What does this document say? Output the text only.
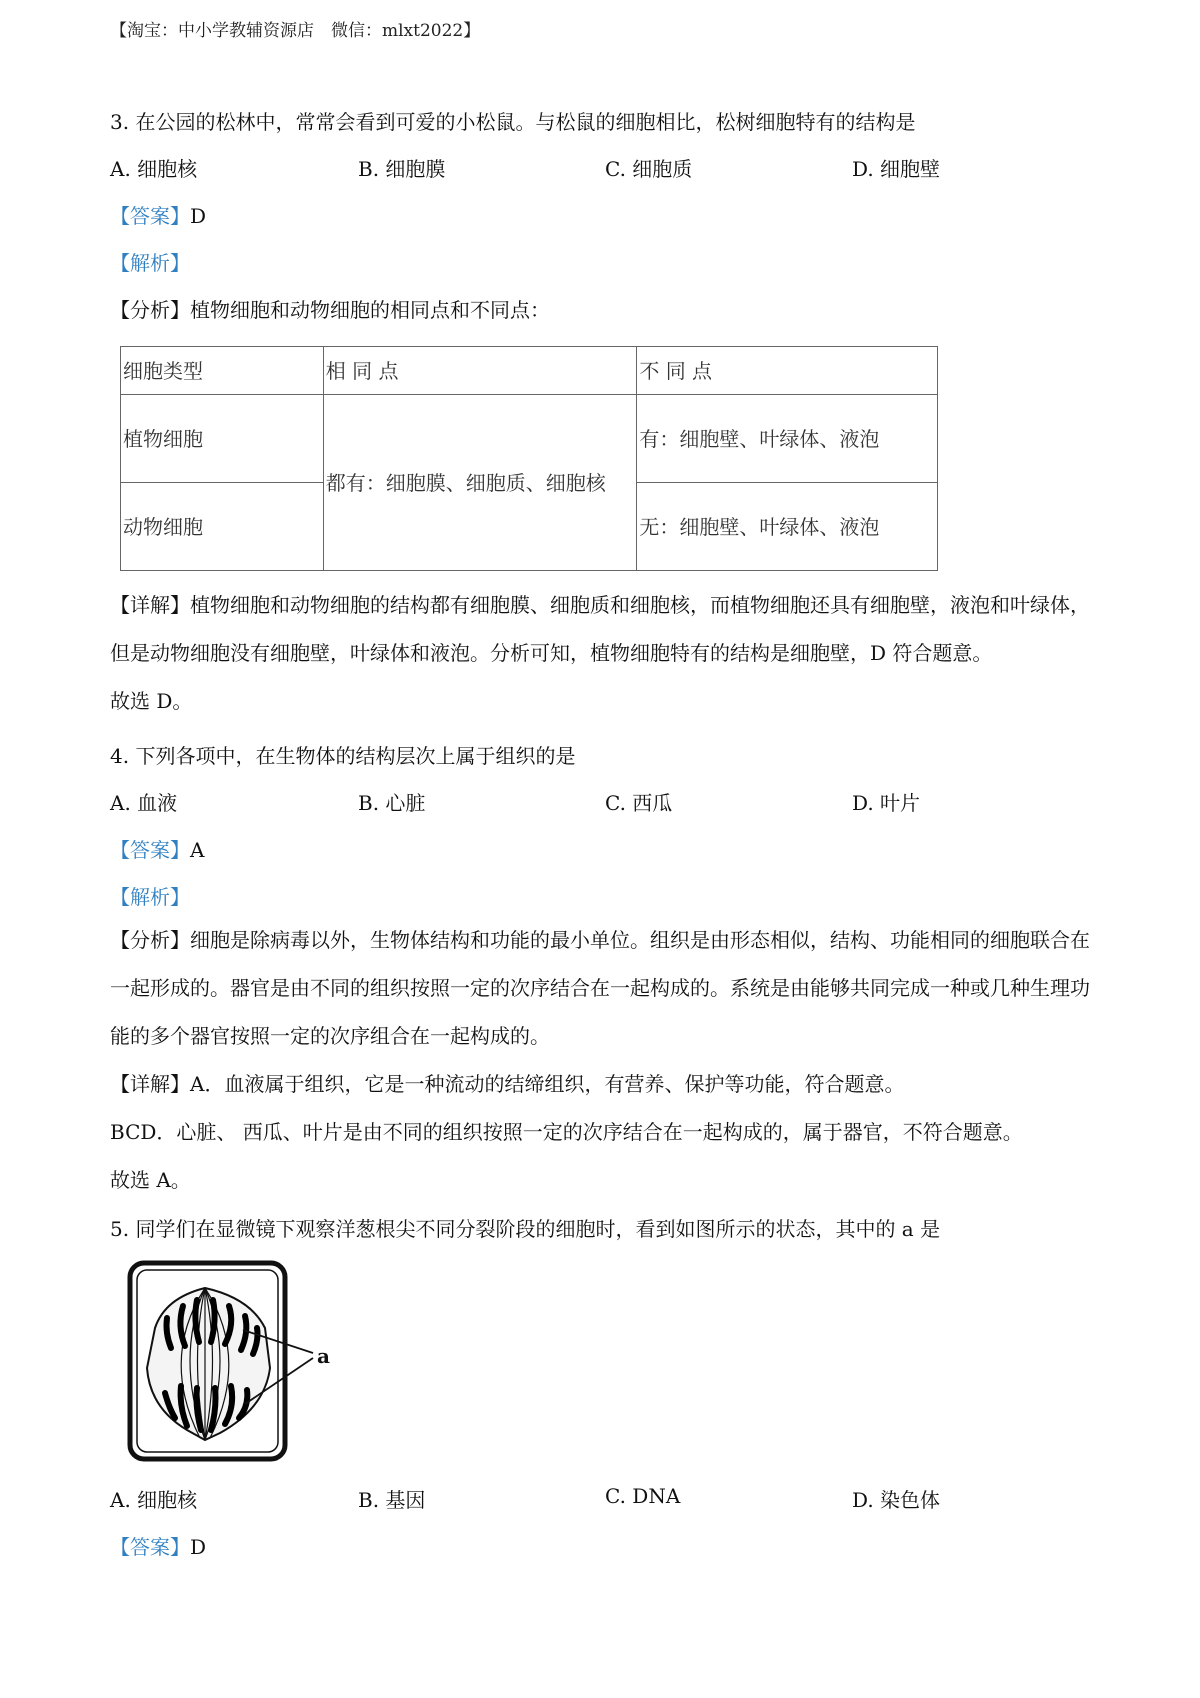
【淘宝：中小学教辅资源店　微信：mlxt2022】
3. 在公园的松林中，常常会看到可爱的小松鼠。与松鼠的细胞相比，松树细胞特有的结构是
A. 细胞核	B. 细胞膜	C. 细胞质	D. 细胞壁
【答案】D
【解析】
【分析】植物细胞和动物细胞的相同点和不同点：
细胞类型	相 同 点	不 同 点
植物细胞	都有：细胞膜、细胞质、细胞核	有：细胞壁、叶绿体、液泡
动物细胞		无：细胞壁、叶绿体、液泡

【详解】植物细胞和动物细胞的结构都有细胞膜、细胞质和细胞核，而植物细胞还具有细胞壁，液泡和叶绿体，但是动物细胞没有细胞壁，叶绿体和液泡。分析可知，植物细胞特有的结构是细胞壁，D 符合题意。

故选 D。

4. 下列各项中，在生物体的结构层次上属于组织的是
A. 血液	B. 心脏	C. 西瓜	D. 叶片
【答案】A
【解析】

【分析】细胞是除病毒以外，生物体结构和功能的最小单位。组织是由形态相似，结构、功能相同的细胞联合在一起形成的。器官是由不同的组织按照一定的次序结合在一起构成的。系统是由能够共同完成一种或几种生理功能的多个器官按照一定的次序组合在一起构成的。

【详解】A．血液属于组织，它是一种流动的结缔组织，有营养、保护等功能，符合题意。

BCD．心脏、 西瓜、叶片是由不同的组织按照一定的次序结合在一起构成的，属于器官，不符合题意。

故选 A。

5. 同学们在显微镜下观察洋葱根尖不同分裂阶段的细胞时，看到如图所示的状态，其中的 a 是
a
A. 细胞核	B. 基因	C. DNA	D. 染色体
【答案】D
